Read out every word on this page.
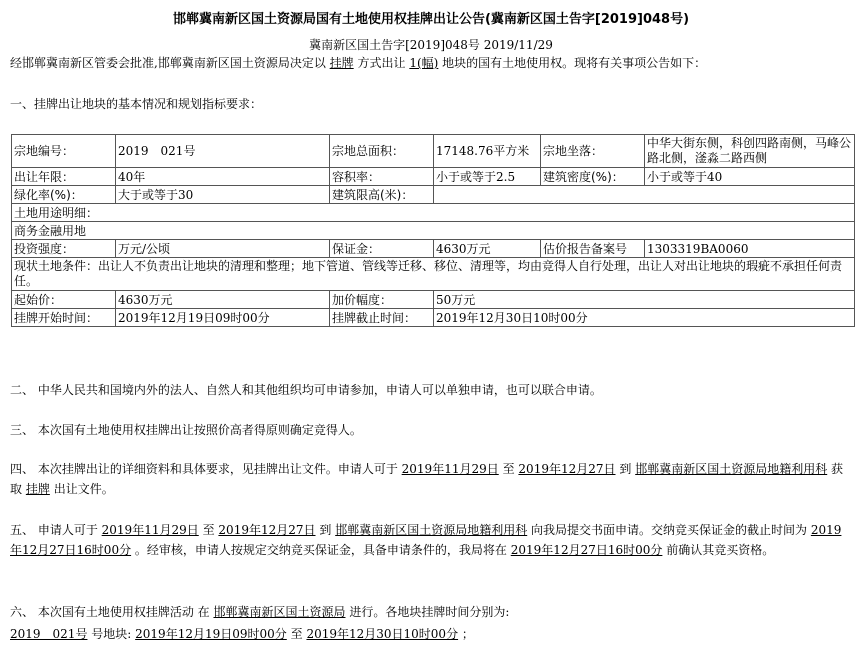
邯郸冀南新区国土资源局国有土地使用权挂牌出让公告(冀南新区国土告字[2019]048号)
冀南新区国土告字[2019]048号 2019/11/29
经邯郸冀南新区管委会批准,邯郸冀南新区国土资源局决定以 挂牌 方式出让 1(幅) 地块的国有土地使用权。现将有关事项公告如下：
一、挂牌出让地块的基本情况和规划指标要求：
宗地编号：	2019　021号	宗地总面积：	17148.76平方米	宗地坐落：	中华大街东侧，科创四路南侧，马峰公路北侧，滏淼二路西侧
出让年限：	40年	容积率：	小于或等于2.5	建筑密度(%)：	小于或等于40
绿化率(%)：	大于或等于30	建筑限高(米)：			
土地用途明细：					
商务金融用地					
投资强度：	万元/公顷	保证金：	4630万元	估价报告备案号	1303319BA0060
现状土地条件：出让人不负责出让地块的清理和整理；地下管道、管线等迁移、移位、清理等，均由竞得人自行处理，出让人对出让地块的瑕疵不承担任何责任。					
起始价：	4630万元	加价幅度：	50万元		
挂牌开始时间：	2019年12月19日09时00分	挂牌截止时间：	2019年12月30日10时00分		
二、 中华人民共和国境内外的法人、自然人和其他组织均可申请参加，申请人可以单独申请，也可以联合申请。
三、 本次国有土地使用权挂牌出让按照价高者得原则确定竞得人。
四、 本次挂牌出让的详细资料和具体要求，见挂牌出让文件。申请人可于 2019年11月29日 至 2019年12月27日 到 邯郸冀南新区国土资源局地籍利用科 获取 挂牌 出让文件。
五、 申请人可于 2019年11月29日 至 2019年12月27日 到 邯郸冀南新区国土资源局地籍利用科 向我局提交书面申请。交纳竞买保证金的截止时间为 2019年12月27日16时00分 。经审核，申请人按规定交纳竞买保证金，具备申请条件的，我局将在 2019年12月27日16时00分 前确认其竞买资格。
六、 本次国有土地使用权挂牌活动 在 邯郸冀南新区国土资源局 进行。各地块挂牌时间分别为:
2019　021号 号地块: 2019年12月19日09时00分 至 2019年12月30日10时00分 ；
